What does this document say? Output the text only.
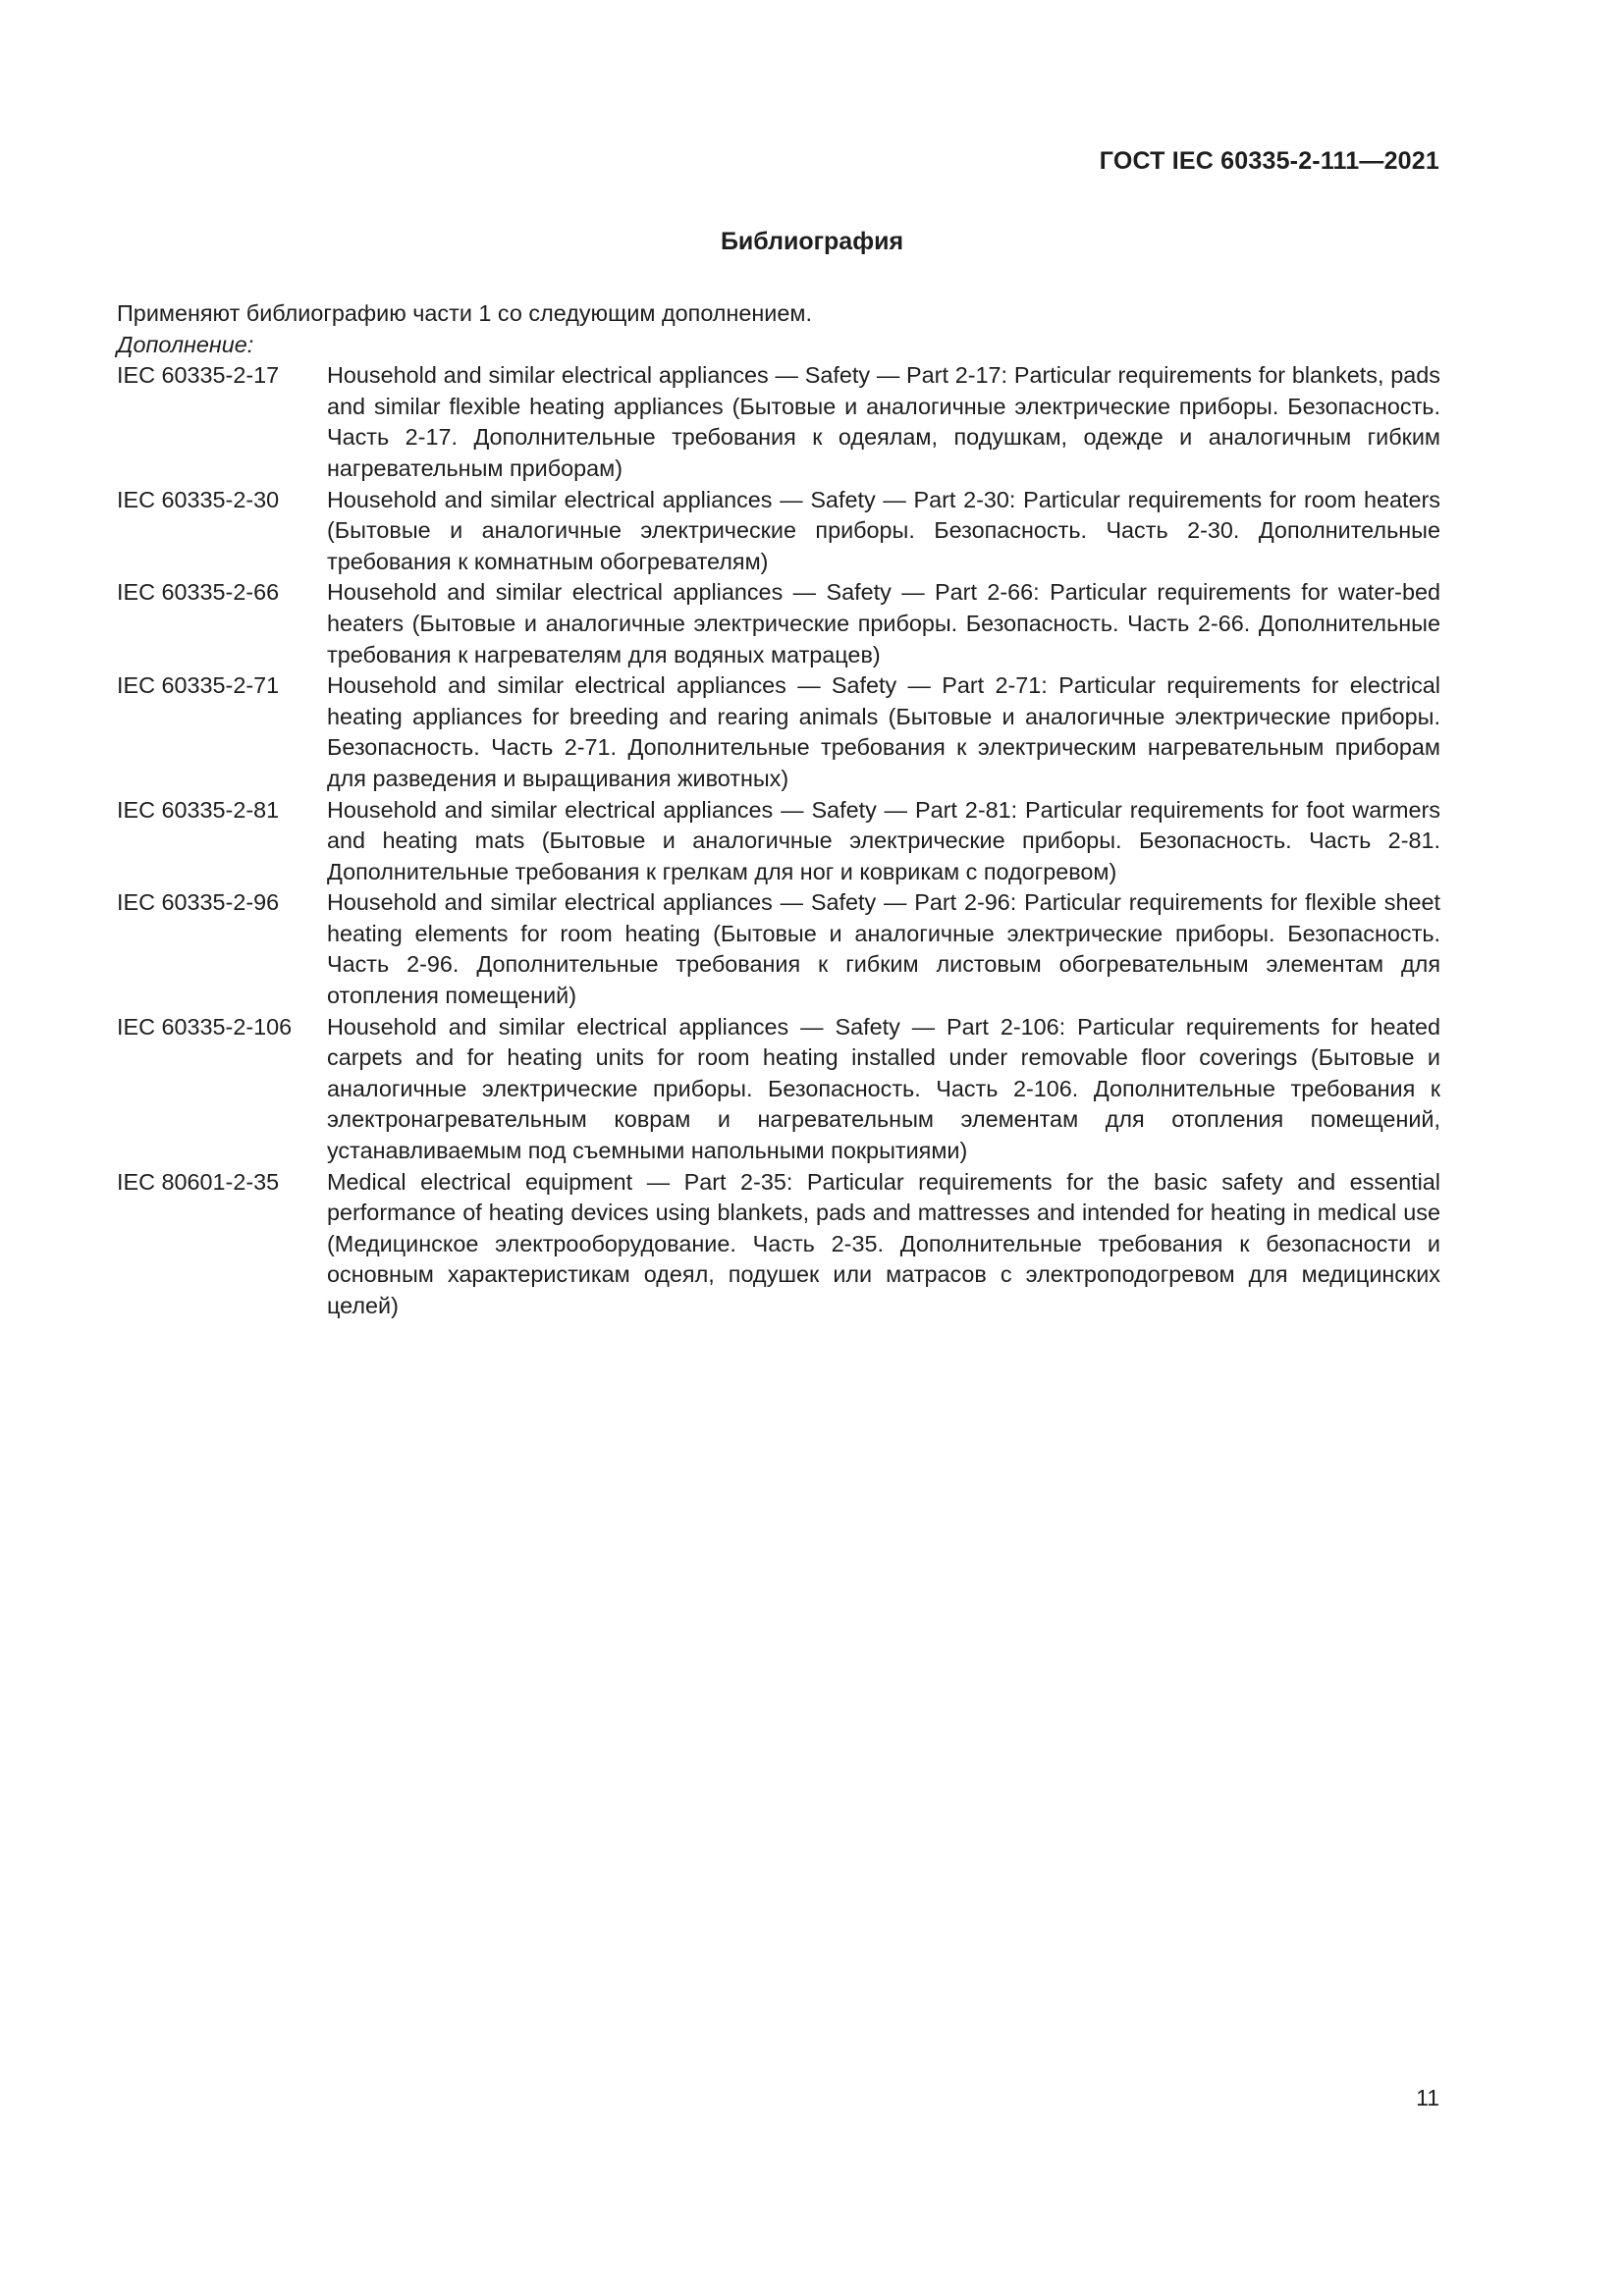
ГОСТ IEC 60335-2-111—2021
Библиография

Применяют библиографию части 1 со следующим дополнением.

Дополнение:

IEC 60335-2-17	Household and similar electrical appliances — Safety — Part 2-17: Particular requirements for blankets, pads and similar flexible heating appliances (Бытовые и аналогичные электрические приборы. Безопасность. Часть 2-17. Дополнительные требования к одеялам, подушкам, одежде и аналогичным гибким нагревательным приборам)
IEC 60335-2-30	Household and similar electrical appliances — Safety — Part 2-30: Particular requirements for room heaters (Бытовые и аналогичные электрические приборы. Безопасность. Часть 2-30. Дополнительные требования к комнатным обогревателям)
IEC 60335-2-66	Household and similar electrical appliances — Safety — Part 2-66: Particular requirements for water-bed heaters (Бытовые и аналогичные электрические приборы. Безопасность. Часть 2-66. Дополнительные требования к нагревателям для водяных матрацев)
IEC 60335-2-71	Household and similar electrical appliances — Safety — Part 2-71: Particular requirements for electrical heating appliances for breeding and rearing animals (Бытовые и аналогичные электрические приборы. Безопасность. Часть 2-71. Дополнительные требования к электрическим нагревательным приборам для разведения и выращивания животных)
IEC 60335-2-81	Household and similar electrical appliances — Safety — Part 2-81: Particular requirements for foot warmers and heating mats (Бытовые и аналогичные электрические приборы. Безопасность. Часть 2-81. Дополнительные требования к грелкам для ног и коврикам с подогревом)
IEC 60335-2-96	Household and similar electrical appliances — Safety — Part 2-96: Particular requirements for flexible sheet heating elements for room heating (Бытовые и аналогичные электрические приборы. Безопасность. Часть 2-96. Дополнительные требования к гибким листовым обогревательным элементам для отопления помещений)
IEC 60335-2-106	Household and similar electrical appliances — Safety — Part 2-106: Particular requirements for heated carpets and for heating units for room heating installed under removable floor coverings (Бытовые и аналогичные электрические приборы. Безопасность. Часть 2-106. Дополнительные требования к электронагревательным коврам и нагревательным элементам для отопления помещений, устанавливаемым под съемными напольными покрытиями)
IEC 80601-2-35	Medical electrical equipment — Part 2-35: Particular requirements for the basic safety and essential performance of heating devices using blankets, pads and mattresses and intended for heating in medical use (Медицинское электрооборудование. Часть 2-35. Дополнительные требования к безопасности и основным характеристикам одеял, подушек или матрасов с электроподогревом для медицинских целей)
11
